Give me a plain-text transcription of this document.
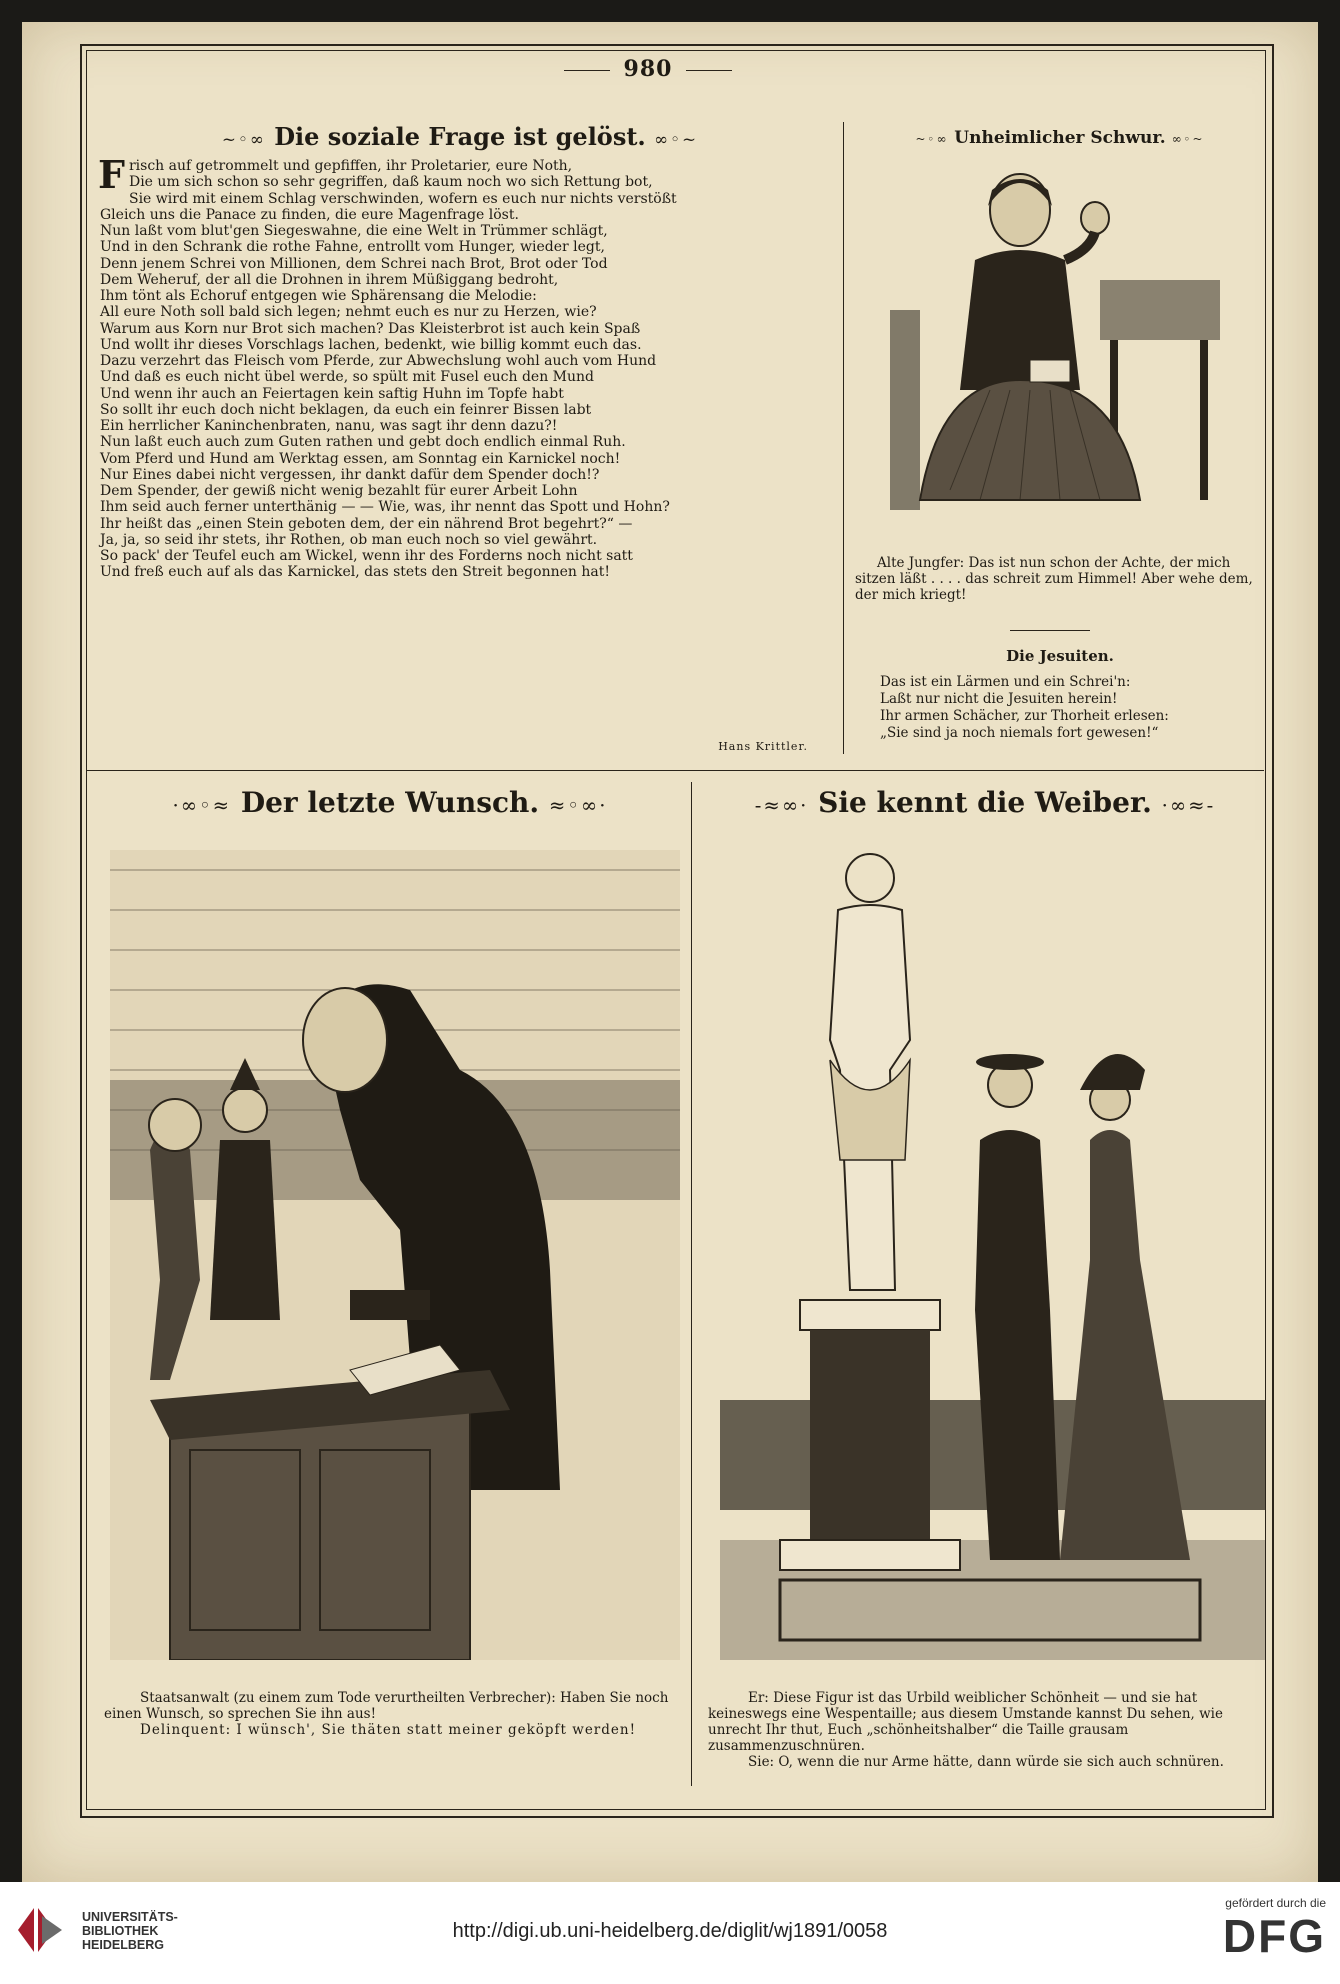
980
~◦∞ Die soziale Frage ist gelöst. ∞◦~
F risch auf getrommelt und gepfiffen, ihr Proletarier, eure Noth,
Die um sich schon so sehr gegriffen, daß kaum noch wo sich Rettung bot,
Sie wird mit einem Schlag verschwinden, wofern es euch nur nichts verstößt
Gleich uns die Panace zu finden, die eure Magenfrage löst.
Nun laßt vom blut'gen Siegeswahne, die eine Welt in Trümmer schlägt,
Und in den Schrank die rothe Fahne, entrollt vom Hunger, wieder legt,
Denn jenem Schrei von Millionen, dem Schrei nach Brot, Brot oder Tod
Dem Weheruf, der all die Drohnen in ihrem Müßiggang bedroht,
Ihm tönt als Echoruf entgegen wie Sphärensang die Melodie:
All eure Noth soll bald sich legen; nehmt euch es nur zu Herzen, wie?
Warum aus Korn nur Brot sich machen? Das Kleisterbrot ist auch kein Spaß
Und wollt ihr dieses Vorschlags lachen, bedenkt, wie billig kommt euch das.
Dazu verzehrt das Fleisch vom Pferde, zur Abwechslung wohl auch vom Hund
Und daß es euch nicht übel werde, so spült mit Fusel euch den Mund
Und wenn ihr auch an Feiertagen kein saftig Huhn im Topfe habt
So sollt ihr euch doch nicht beklagen, da euch ein feinrer Bissen labt
Ein herrlicher Kaninchenbraten, nanu, was sagt ihr denn dazu?!
Nun laßt euch auch zum Guten rathen und gebt doch endlich einmal Ruh.
Vom Pferd und Hund am Werktag essen, am Sonntag ein Karnickel noch!
Nur Eines dabei nicht vergessen, ihr dankt dafür dem Spender doch!?
Dem Spender, der gewiß nicht wenig bezahlt für eurer Arbeit Lohn
Ihm seid auch ferner unterthänig — — Wie, was, ihr nennt das Spott und Hohn?
Ihr heißt das „einen Stein geboten dem, der ein nährend Brot begehrt?“ —
Ja, ja, so seid ihr stets, ihr Rothen, ob man euch noch so viel gewährt.
So pack' der Teufel euch am Wickel, wenn ihr des Forderns noch nicht satt
Und freß euch auf als das Karnickel, das stets den Streit begonnen hat!
Hans Krittler.
~◦∞ Unheimlicher Schwur. ∞◦~

Alte Jungfer: Das ist nun schon der Achte, der mich sitzen läßt . . . . das schreit zum Himmel! Aber wehe dem, der mich kriegt!

Die Jesuiten.
Das ist ein Lärmen und ein Schrei'n:
Laßt nur nicht die Jesuiten herein!
Ihr armen Schächer, zur Thorheit erlesen:
„Sie sind ja noch niemals fort gewesen!“
·∞◦≈ Der letzte Wunsch. ≈◦∞·

Staatsanwalt (zu einem zum Tode verurtheilten Verbrecher): Haben Sie noch einen Wunsch, so sprechen Sie ihn aus!

Delinquent: I wünsch', Sie thäten statt meiner geköpft werden!

-≈∞· Sie kennt die Weiber. ·∞≈-

Er: Diese Figur ist das Urbild weiblicher Schönheit — und sie hat keineswegs eine Wespentaille; aus diesem Umstande kannst Du sehen, wie unrecht Ihr thut, Euch „schönheitshalber“ die Taille grausam zusammenzuschnüren.

Sie: O, wenn die nur Arme hätte, dann würde sie sich auch schnüren.

UNIVERSITÄTS-
BIBLIOTHEK
HEIDELBERG
http://digi.ub.uni-heidelberg.de/diglit/wj1891/0058
gefördert durch die
DFG
